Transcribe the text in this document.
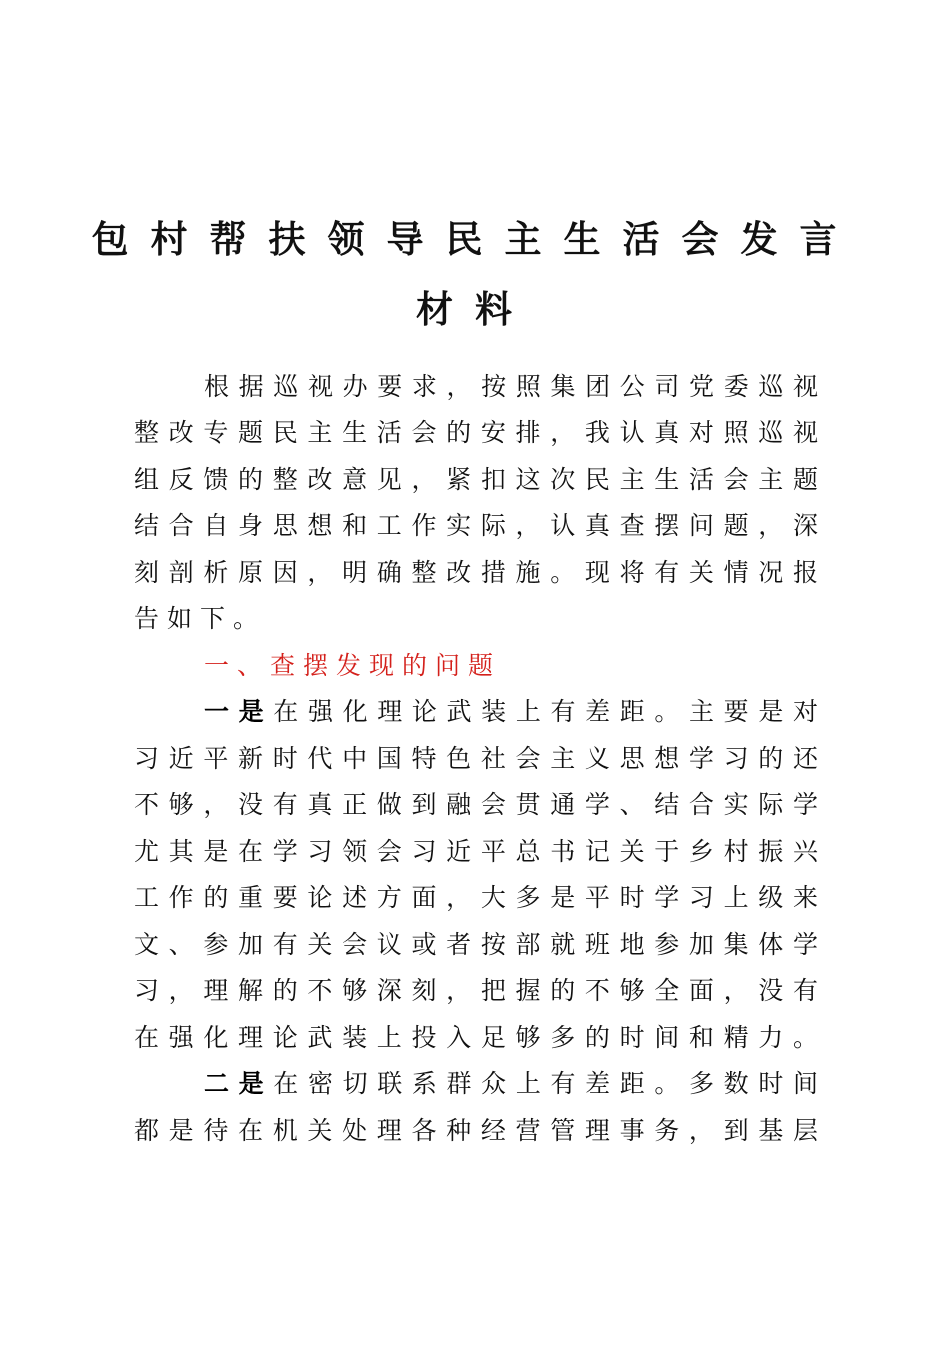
包村帮扶领导民主生活会发言
材料
根据巡视办要求，按照集团公司党委巡视
整改专题民主生活会的安排，我认真对照巡视
组反馈的整改意见，紧扣这次民主生活会主题
结合自身思想和工作实际，认真查摆问题，深
刻剖析原因，明确整改措施。现将有关情况报
告如下。
一、查摆发现的问题
一是在强化理论武装上有差距。主要是对
习近平新时代中国特色社会主义思想学习的还
不够，没有真正做到融会贯通学、结合实际学
尤其是在学习领会习近平总书记关于乡村振兴
工作的重要论述方面，大多是平时学习上级来
文、参加有关会议或者按部就班地参加集体学
习，理解的不够深刻，把握的不够全面，没有
在强化理论武装上投入足够多的时间和精力。
二是在密切联系群众上有差距。多数时间
都是待在机关处理各种经营管理事务，到基层
